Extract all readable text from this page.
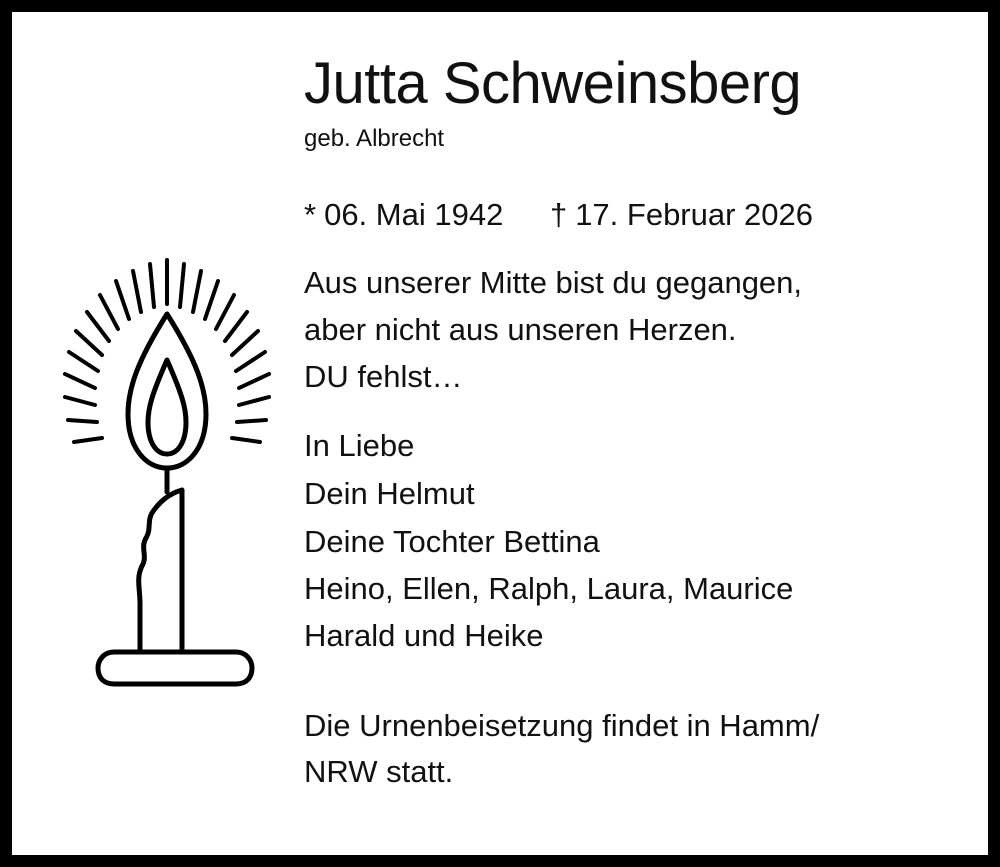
Jutta Schweinsberg
geb. Albrecht
* 06. Mai 1942 † 17. Februar 2026
Aus unserer Mitte bist du gegangen,
aber nicht aus unseren Herzen.
DU fehlst…
In Liebe
Dein Helmut
Deine Tochter Bettina
Heino, Ellen, Ralph, Laura, Maurice
Harald und Heike
Die Urnenbeisetzung findet in Hamm/
NRW statt.
